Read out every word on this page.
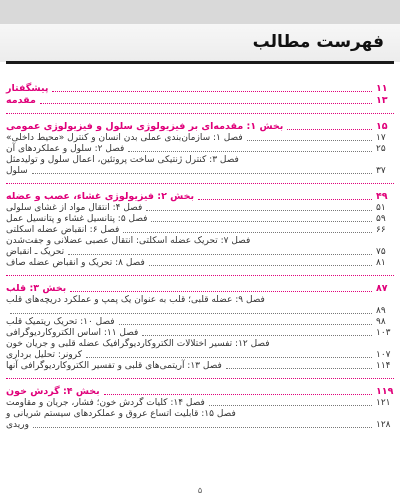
فهرست مطالب
پیشگفتار	۱۱
مقدمه	۱۳
بخش ۱: مقدمه‌ای بر فیزیولوژی سلول و فیزیولوژی عمومی	۱۵
فصل ۱: سازمان‌بندی عملی بدن انسان و کنترل «محیط داخلی»	۱۷
فصل ۲: سلول و عملکردهای آن	۲۵
فصل ۳: کنترل ژنتیکی ساخت پروتئین، اعمال سلول و تولیدمثل
سلول	۳۷
بخش ۲: فیزیولوژی غشاء، عصب و عضله	۴۹
فصل ۴: انتقال مواد از غشای سلولی	۵۱
فصل ۵: پتانسیل غشاء و پتانسیل عمل	۵۹
فصل ۶: انقباض عضله اسکلتی	۶۶
فصل ۷: تحریک عضله اسکلتی: انتقال عصبی عضلانی و جفت‌شدن
تحریک ـ انقباض	۷۵
فصل ۸: تحریک و انقباض عضله صاف	۸۱
بخش ۳: قلب	۸۷
فصل ۹: عضله قلبی؛ قلب به عنوان یک پمپ و عملکرد دریچه‌های قلب
۸۹
فصل ۱۰: تحریک ریتمیک قلب	۹۸
فصل ۱۱: اساس الکتروکاردیوگرافی	۱۰۳
فصل ۱۲: تفسیر اختلالات الکتروکاردیوگرافیک عضله قلبی و جریان خون
کرونر: تحلیل برداری	۱۰۷
فصل ۱۳: آریتمی‌های قلبی و تفسیر الکتروکاردیوگرافی آنها	۱۱۴
بخش ۴: گردش خون	۱۱۹
فصل ۱۴: کلیات گردش خون؛ فشار، جریان و مقاومت	۱۲۱
فصل ۱۵: قابلیت اتساع عروق و عملکردهای سیستم شریانی و
وریدی	۱۲۸
۵
